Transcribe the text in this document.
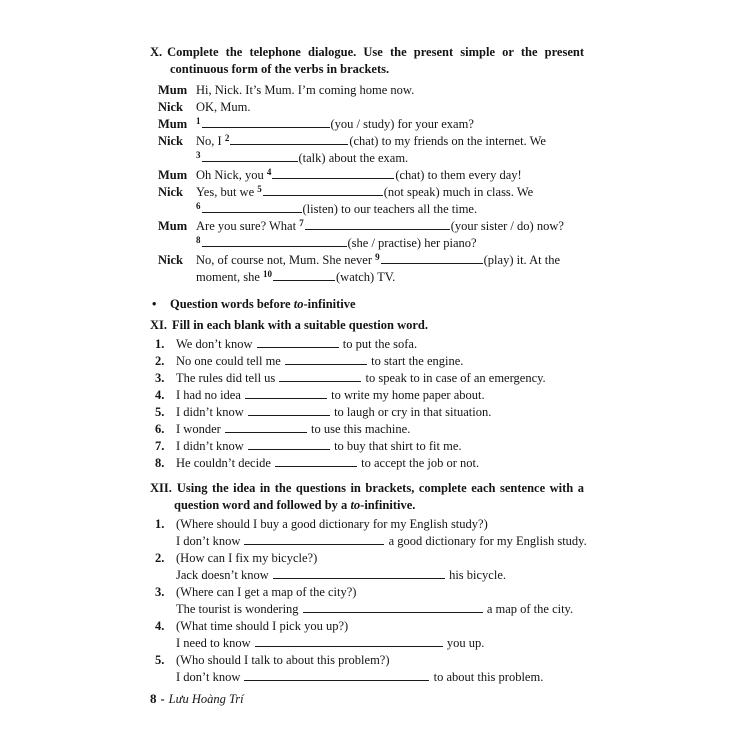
X. Complete the telephone dialogue. Use the present simple or the present continuous form of the verbs in brackets.
Mum Hi, Nick. It’s Mum. I’m coming home now.
Nick	OK, Mum.
Mum $^1$	(you / study) for your exam?
Nick	No, I $^2$	(chat) to my friends on the internet. We
$^3$	(talk) about the exam.
Mum Oh Nick, you $^4$	(chat) to them every day!
Nick	Yes, but we $^5$	(not speak) much in class. We
$^6$	(listen) to our teachers all the time.
Mum Are you sure? What $^7$	(your sister / do) now?
$^8$	(she / practise) her piano?
Nick	No, of course not, Mum. She never $^9$	(play) it. At the
moment, she $^{10}$	(watch) TV.
• Question words before to-infinitive
XI. Fill in each blank with a suitable question word.
1. We don’t know	to put the sofa.
2. No one could tell me	to start the engine.
3. The rules did tell us	to speak to in case of an emergency.
4. I had no idea	to write my home paper about.
5. I didn’t know	to laugh or cry in that situation.
6. I wonder	to use this machine.
7. I didn’t know	to buy that shirt to fit me.
8. He couldn’t decide	to accept the job or not.
XII. Using the idea in the questions in brackets, complete each sentence with a question word and followed by a to-infinitive.
1. (Where should I buy a good dictionary for my English study?)
I don’t know	a good dictionary for my English study.
2. (How can I fix my bicycle?)
Jack doesn’t know	his bicycle.
3. (Where can I get a map of the city?)
The tourist is wondering	a map of the city.
4. (What time should I pick you up?)
I need to know	you up.
5. (Who should I talk to about this problem?)
I don’t know	to about this problem.
8 - Lưu Hoàng Trí
